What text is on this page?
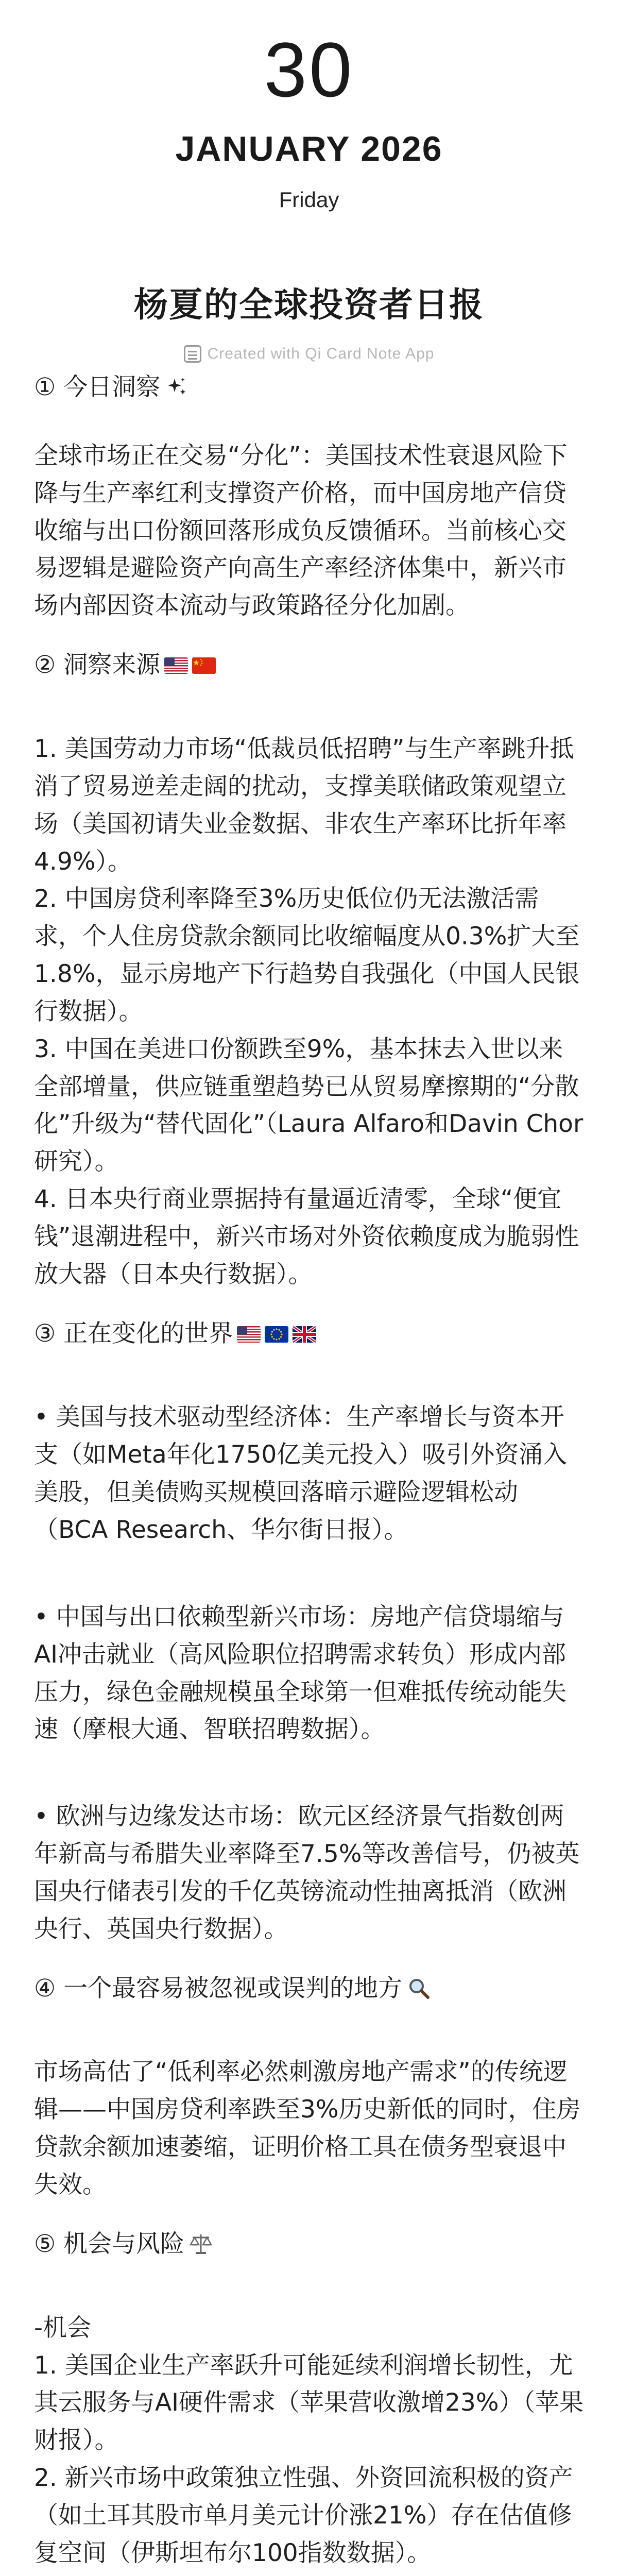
30
JANUARY 2026
Friday
杨夏的全球投资者日报
Created with Qi Card Note App
① 今日洞察

全球市场正在交易“分化”：美国技术性衰退风险下降与生产率红利支撑资产价格，而中国房地产信贷收缩与出口份额回落形成负反馈循环。当前核心交易逻辑是避险资产向高生产率经济体集中，新兴市场内部因资本流动与政策路径分化加剧。

② 洞察来源

1. 美国劳动力市场“低裁员低招聘”与生产率跳升抵消了贸易逆差走阔的扰动，支撑美联储政策观望立场（美国初请失业金数据、非农生产率环比折年率4.9%）。

2. 中国房贷利率降至3%历史低位仍无法激活需求，个人住房贷款余额同比收缩幅度从0.3%扩大至1.8%，显示房地产下行趋势自我强化（中国人民银行数据）。

3. 中国在美进口份额跌至9%，基本抹去入世以来全部增量，供应链重塑趋势已从贸易摩擦期的“分散化”升级为“替代固化”（Laura Alfaro和Davin Chor研究）。

4. 日本央行商业票据持有量逼近清零，全球“便宜钱”退潮进程中，新兴市场对外资依赖度成为脆弱性放大器（日本央行数据）。

③ 正在变化的世界

• 美国与技术驱动型经济体：生产率增长与资本开支（如Meta年化1750亿美元投入）吸引外资涌入美股，但美债购买规模回落暗示避险逻辑松动（BCA Research、华尔街日报）。

• 中国与出口依赖型新兴市场：房地产信贷塌缩与AI冲击就业（高风险职位招聘需求转负）形成内部压力，绿色金融规模虽全球第一但难抵传统动能失速（摩根大通、智联招聘数据）。

• 欧洲与边缘发达市场：欧元区经济景气指数创两年新高与希腊失业率降至7.5%等改善信号，仍被英国央行储表引发的千亿英镑流动性抽离抵消（欧洲央行、英国央行数据）。

④ 一个最容易被忽视或误判的地方

市场高估了“低利率必然刺激房地产需求”的传统逻辑——中国房贷利率跌至3%历史新低的同时，住房贷款余额加速萎缩，证明价格工具在债务型衰退中失效。

⑤ 机会与风险

-机会

1. 美国企业生产率跃升可能延续利润增长韧性，尤其云服务与AI硬件需求（苹果营收激增23%）（苹果财报）。

2. 新兴市场中政策独立性强、外资回流积极的资产（如土耳其股市单月美元计价涨21%）存在估值修复空间（伊斯坦布尔100指数数据）。
